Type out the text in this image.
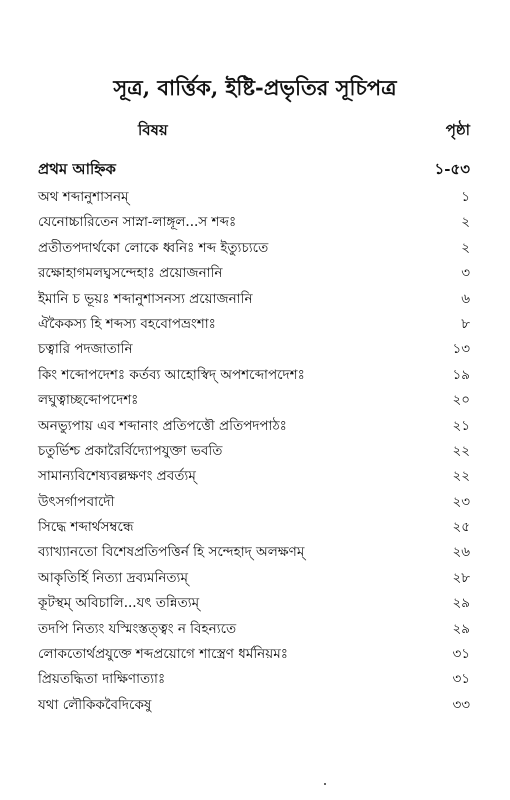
সূত্র, বার্ত্তিক, ইষ্টি-প্রভৃতির সূচিপত্র
বিষয়	পৃষ্ঠা
প্রথম আহ্নিক	১-৫৩
অথ শব্দানুশাসনম্	১
যেনোচ্চারিতেন সাস্না-লাঙ্গূল...স শব্দঃ	২
প্রতীতপদার্থকো লোকে ধ্বনিঃ শব্দ ইত্যুচ্যতে	২
রক্ষোহাগমলঘ্বসন্দেহাঃ প্রয়োজনানি	৩
ইমানি চ ভূয়ঃ শব্দানুশাসনস্য প্রয়োজনানি	৬
ঐকৈকস্য হি শব্দস্য বহবোপভ্রংশাঃ	৮
চত্বারি পদজাতানি	১৩
কিং শব্দোপদেশঃ কর্তব্য আহোস্বিদ্ অপশব্দোপদেশঃ	১৯
লঘুত্বাচ্ছব্দোপদেশঃ	২০
অনভ্যুপায় এব শব্দানাং প্রতিপত্তৌ প্রতিপদপাঠঃ	২১
চতুর্ভিশ্চ প্রকারৈর্বিদ্যোপযুক্তা ভবতি	২২
সামান্যবিশেষ্যবল্লক্ষণং প্রবর্ত্যম্	২২
উৎসর্গাপবাদৌ	২৩
সিদ্ধে শব্দার্থসম্বন্ধে	২৫
ব্যাখ্যানতো বিশেষপ্রতিপত্তির্ন হি সন্দেহাদ্ অলক্ষণম্	২৬
আকৃতির্হি নিত্যা দ্রব্যমনিত্যম্	২৮
কূটস্থম্ অবিচালি...যৎ তন্নিত্যম্	২৯
তদপি নিত্যং যস্মিংস্তত্ত্বং ন বিহন্যতে	২৯
লোকতোর্থপ্রযুক্তে শব্দপ্রয়োগে শাস্ত্রেণ ধর্মনিয়মঃ	৩১
প্রিয়তদ্ধিতা দাক্ষিণাত্যাঃ	৩১
যথা লৌকিকবৈদিকেষু	৩৩
